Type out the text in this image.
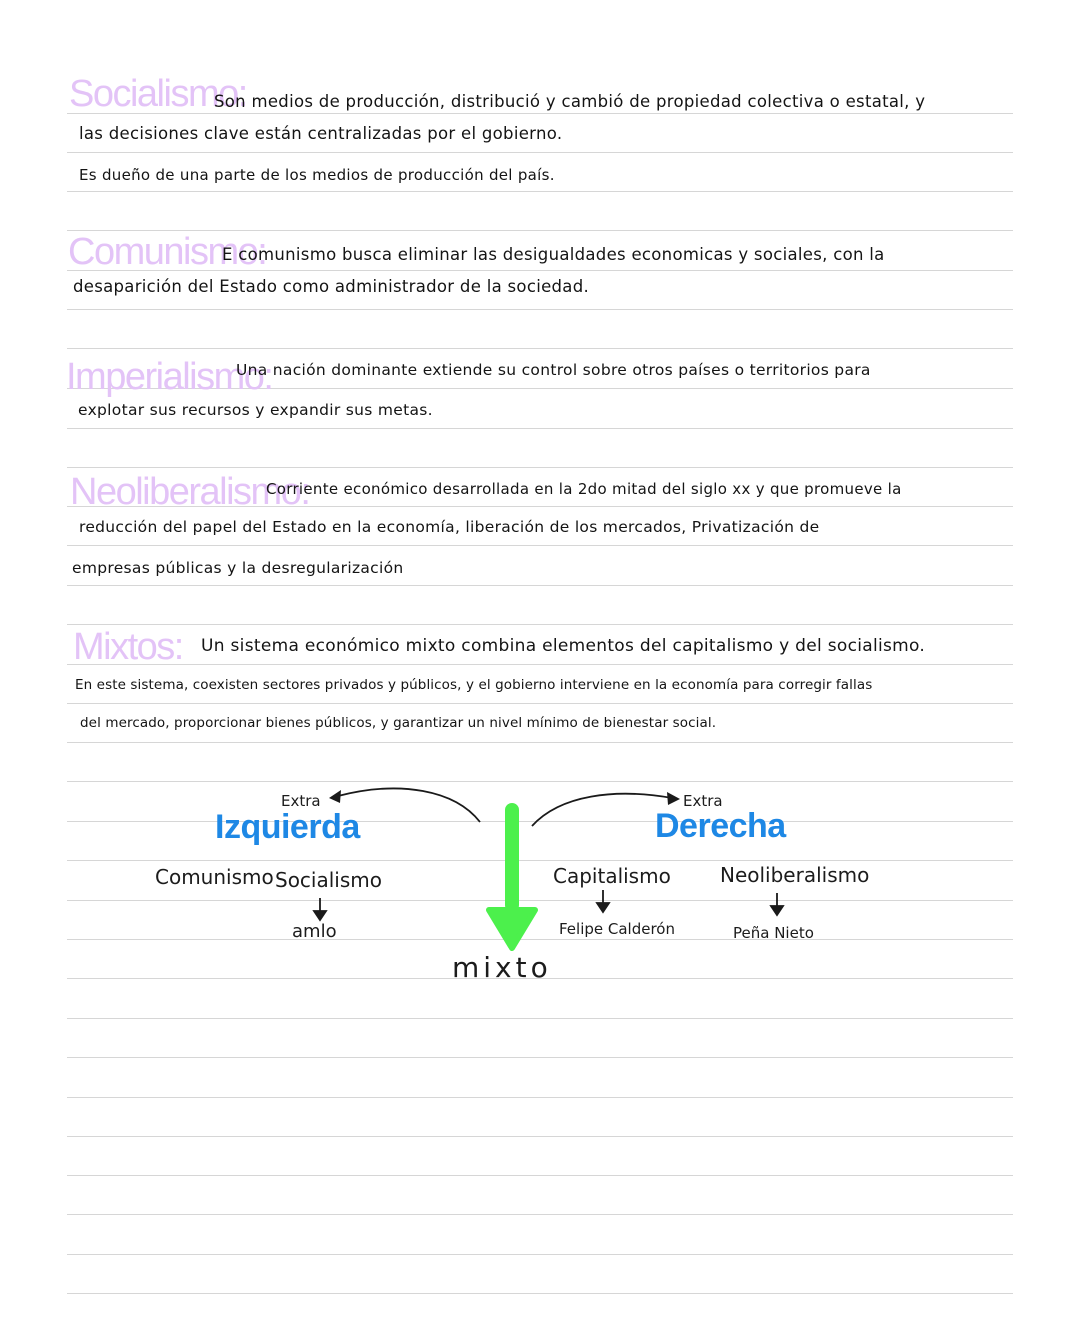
Socialismo:
Son medios de producción, distribució y cambió de propiedad colectiva o estatal, y
las decisiones clave están centralizadas por el gobierno.
Es dueño de una parte de los medios de producción del país.
Comunismo:
E comunismo busca eliminar las desigualdades economicas y sociales, con la
desaparición del Estado como administrador de la sociedad.
Imperialismo:
Una nación dominante extiende su control sobre otros países o territorios para
explotar sus recursos y expandir sus metas.
Neoliberalismo:
Corriente económico desarrollada en la 2do mitad del siglo xx y que promueve la
reducción del papel del Estado en la economía, liberación de los mercados, Privatización de
empresas públicas y la desregularización
Mixtos: Un sistema económico mixto combina elementos del capitalismo y del socialismo.
En este sistema, coexisten sectores privados y públicos, y el gobierno interviene en la economía para corregir fallas
del mercado, proporcionar bienes públicos, y garantizar un nivel mínimo de bienestar social.
Extra	Extra
Izquierda	Derecha
Comunismo Socialismo	Capitalismo Neoliberalismo
amlo	Felipe Calderón	Peña Nieto
mixto
